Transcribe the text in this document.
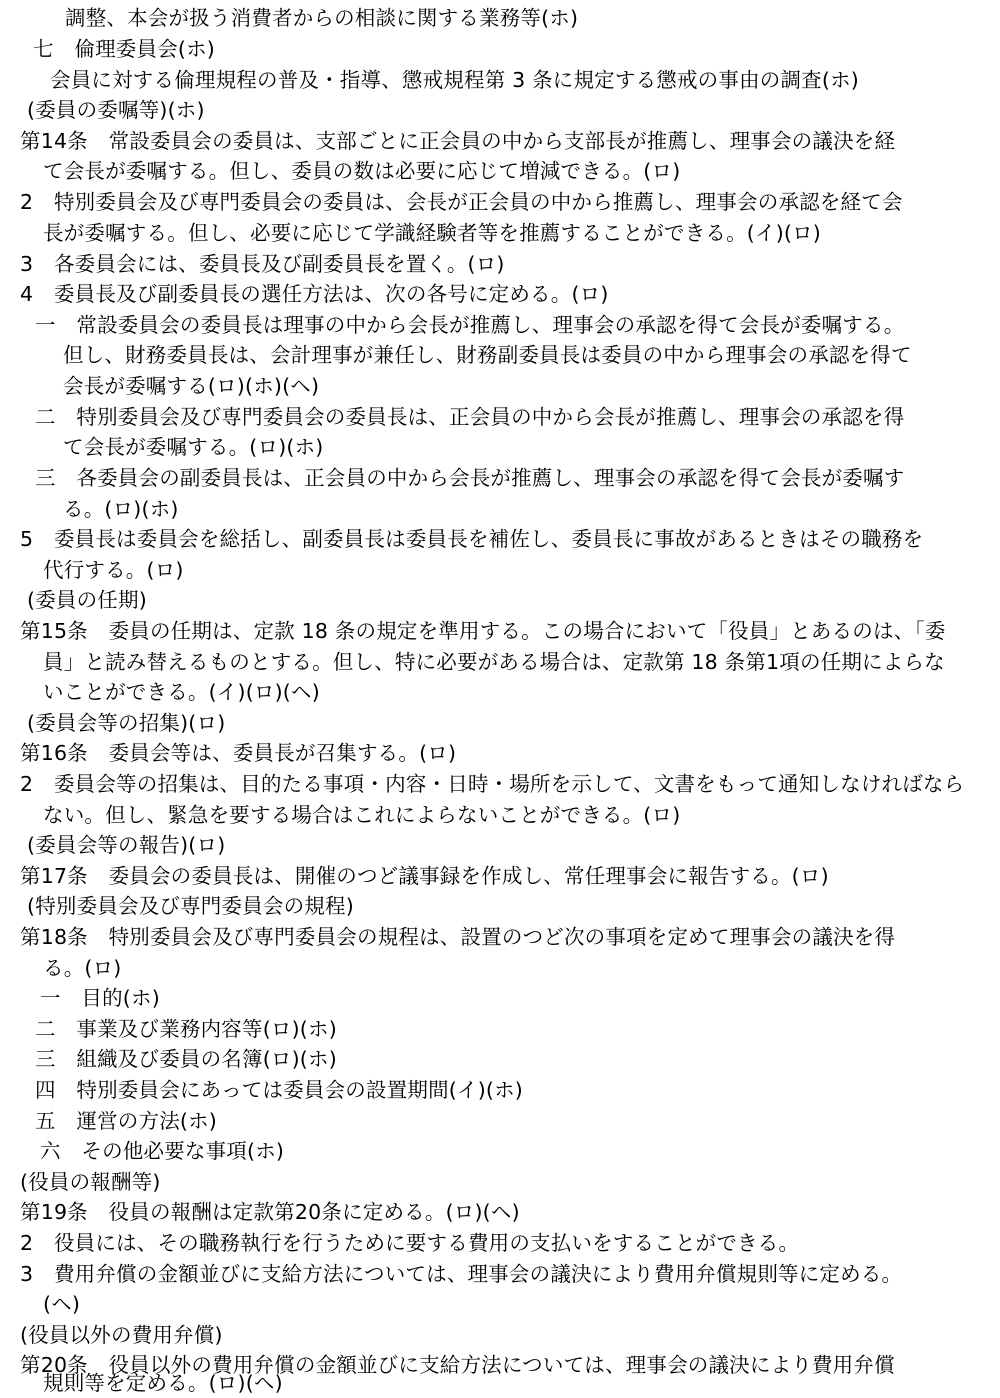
調整、本会が扱う消費者からの相談に関する業務等(ホ)

七　倫理委員会(ホ)

会員に対する倫理規程の普及・指導、懲戒規程第 3 条に規定する懲戒の事由の調査(ホ)

(委員の委嘱等)(ホ)

第14条　常設委員会の委員は、支部ごとに正会員の中から支部長が推薦し、理事会の議決を経

て会長が委嘱する。但し、委員の数は必要に応じて増減できる。(ロ)

2　特別委員会及び専門委員会の委員は、会長が正会員の中から推薦し、理事会の承認を経て会

長が委嘱する。但し、必要に応じて学識経験者等を推薦することができる。(イ)(ロ)

3　各委員会には、委員長及び副委員長を置く。(ロ)

4　委員長及び副委員長の選任方法は、次の各号に定める。(ロ)

一　常設委員会の委員長は理事の中から会長が推薦し、理事会の承認を得て会長が委嘱する。

但し、財務委員長は、会計理事が兼任し、財務副委員長は委員の中から理事会の承認を得て

会長が委嘱する(ロ)(ホ)(ヘ)

二　特別委員会及び専門委員会の委員長は、正会員の中から会長が推薦し、理事会の承認を得

て会長が委嘱する。(ロ)(ホ)

三　各委員会の副委員長は、正会員の中から会長が推薦し、理事会の承認を得て会長が委嘱す

る。(ロ)(ホ)

5　委員長は委員会を総括し、副委員長は委員長を補佐し、委員長に事故があるときはその職務を

代行する。(ロ)

(委員の任期)

第15条　委員の任期は、定款 18 条の規定を準用する。この場合において「役員」とあるのは、「委

員」と読み替えるものとする。但し、特に必要がある場合は、定款第 18 条第1項の任期によらな

いことができる。(イ)(ロ)(ヘ)

(委員会等の招集)(ロ)

第16条　委員会等は、委員長が召集する。(ロ)

2　委員会等の招集は、目的たる事項・内容・日時・場所を示して、文書をもって通知しなければなら

ない。但し、緊急を要する場合はこれによらないことができる。(ロ)

(委員会等の報告)(ロ)

第17条　委員会の委員長は、開催のつど議事録を作成し、常任理事会に報告する。(ロ)

(特別委員会及び専門委員会の規程)

第18条　特別委員会及び専門委員会の規程は、設置のつど次の事項を定めて理事会の議決を得

る。(ロ)

一　目的(ホ)

二　事業及び業務内容等(ロ)(ホ)

三　組織及び委員の名簿(ロ)(ホ)

四　特別委員会にあっては委員会の設置期間(イ)(ホ)

五　運営の方法(ホ)

六　その他必要な事項(ホ)

(役員の報酬等)

第19条　役員の報酬は定款第20条に定める。(ロ)(ヘ)

2　役員には、その職務執行を行うために要する費用の支払いをすることができる。

3　費用弁償の金額並びに支給方法については、理事会の議決により費用弁償規則等に定める。

(ヘ)

(役員以外の費用弁償)

第20条　役員以外の費用弁償の金額並びに支給方法については、理事会の議決により費用弁償

規則等を定める。(ロ)(ヘ)
